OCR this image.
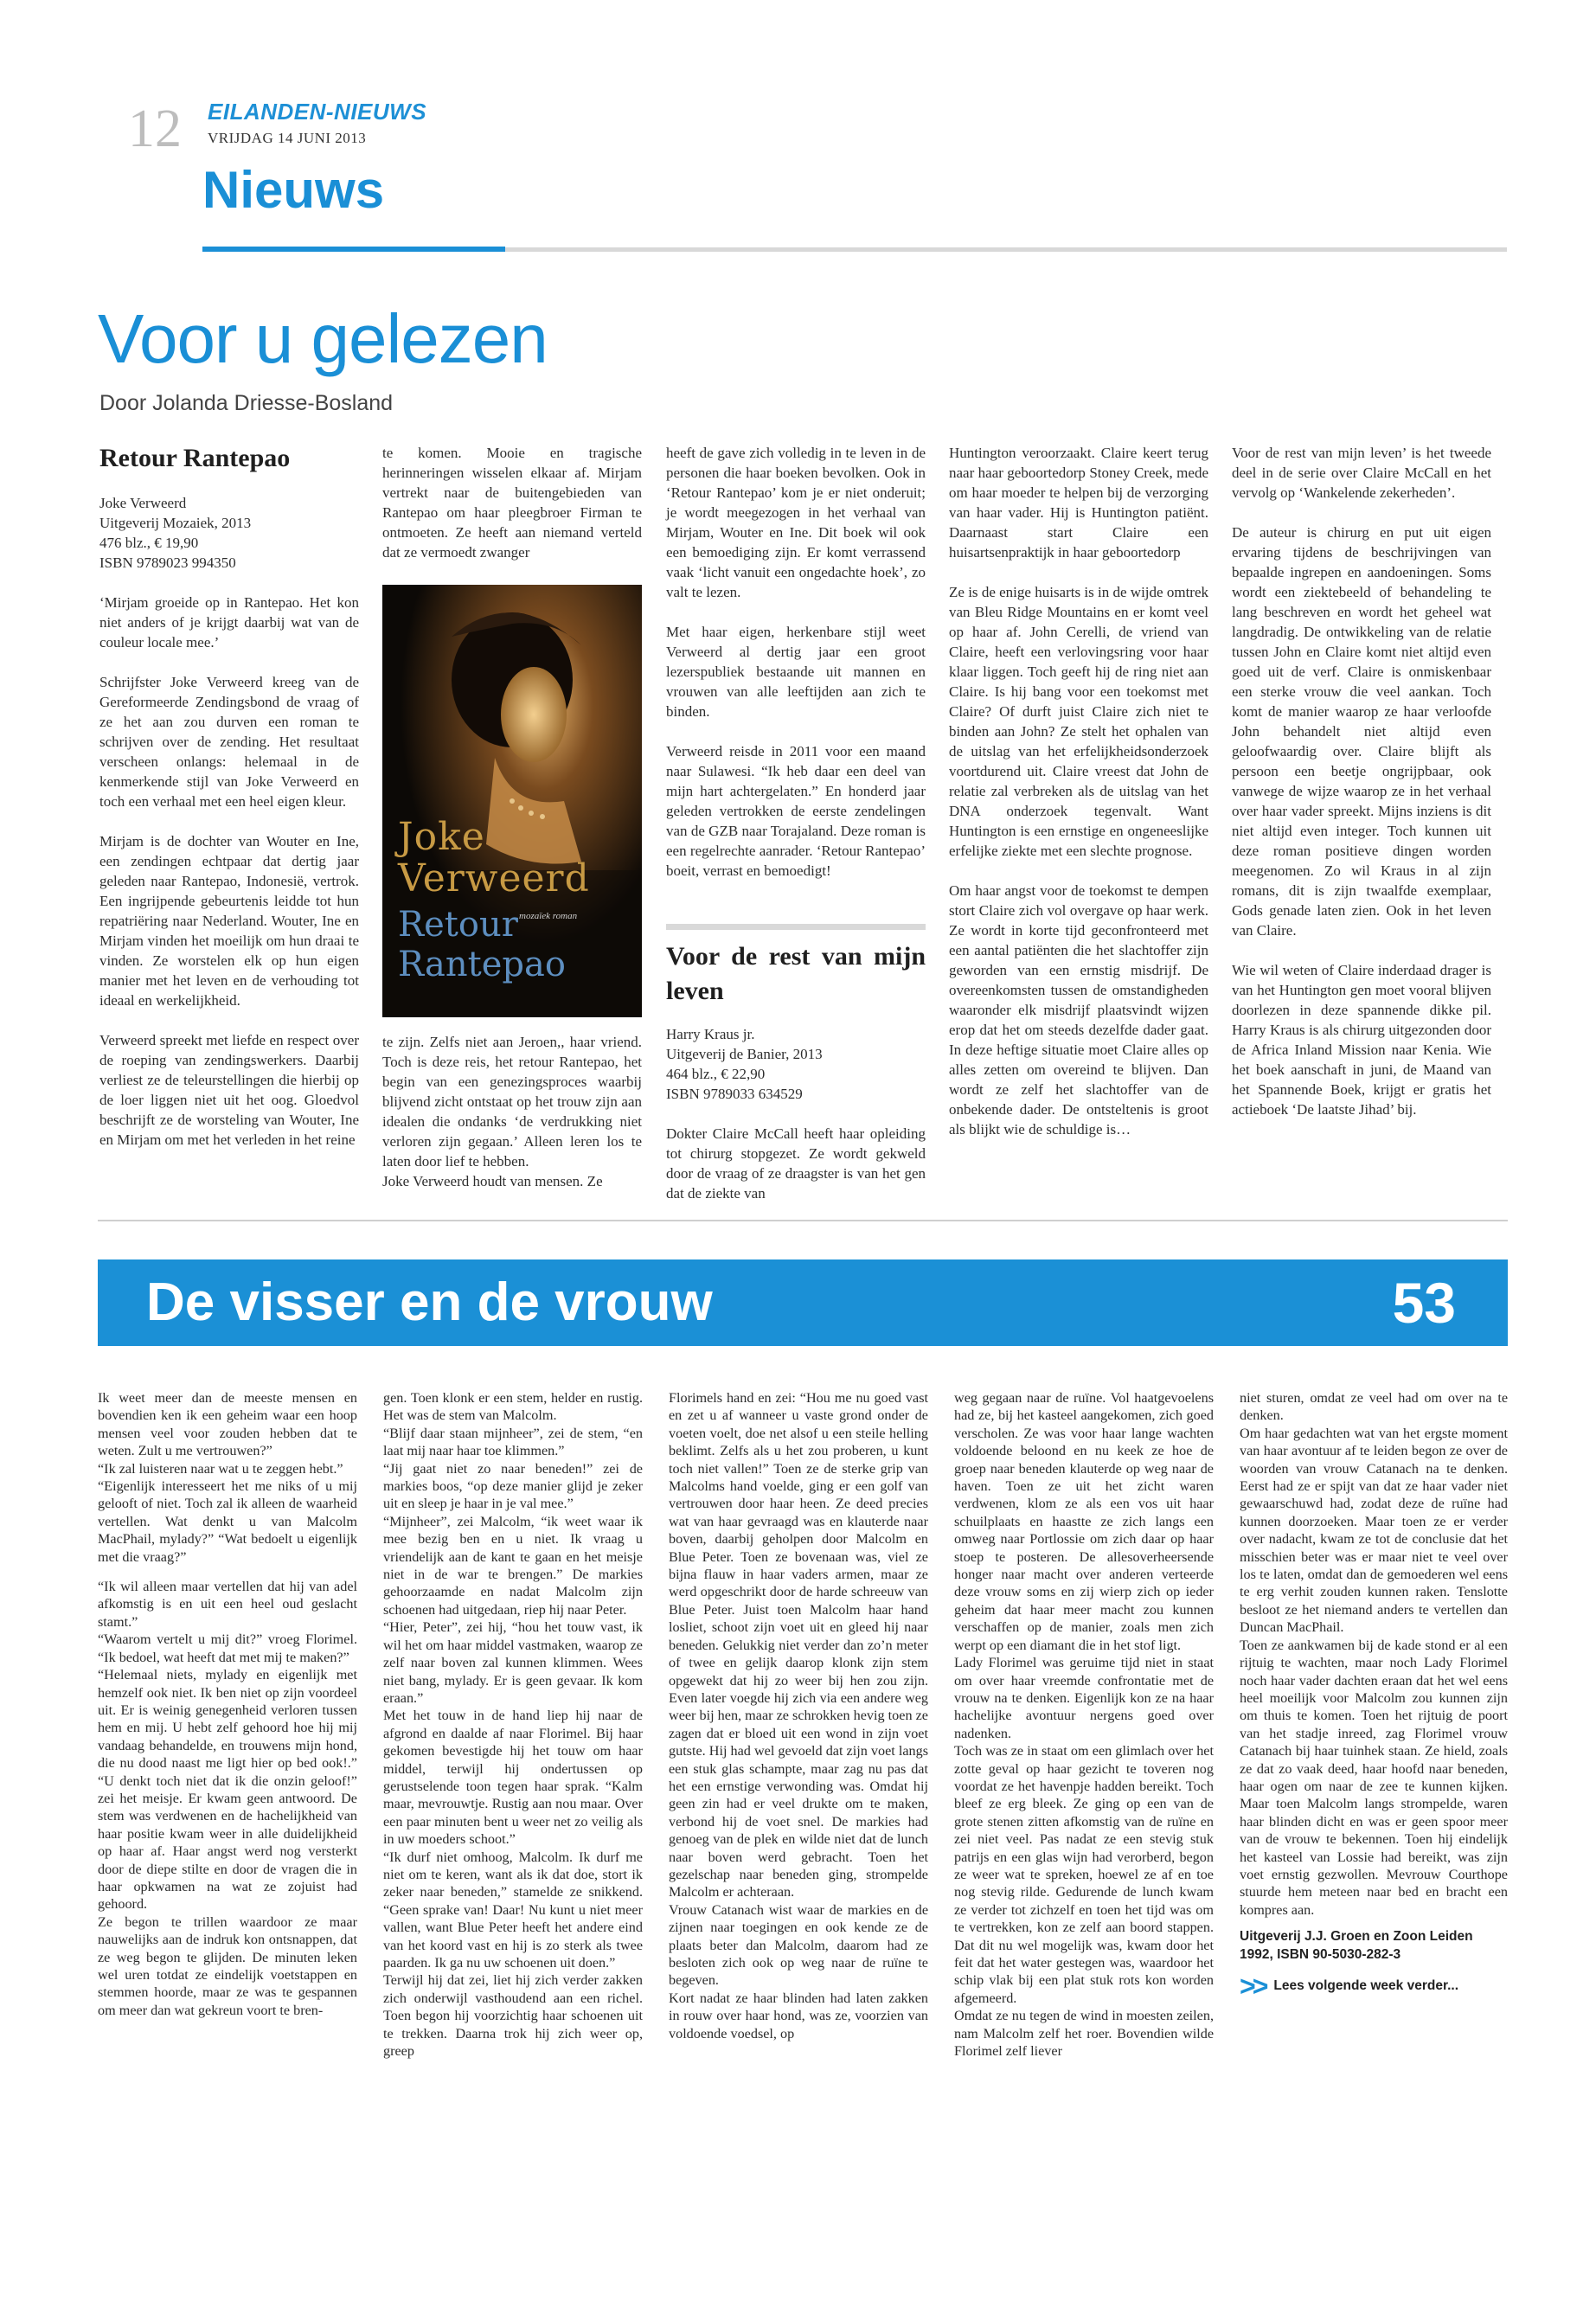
12 EILANDEN-NIEUWS
VRIJDAG 14 JUNI 2013
Nieuws
Voor u gelezen
Door Jolanda Driesse-Bosland
Retour Rantepao
Joke Verweerd
Uitgeverij Mozaiek, 2013
476 blz., € 19,90
ISBN 9789023 994350

‘Mirjam groeide op in Rantepao. Het kon niet anders of je krijgt daarbij wat van de couleur locale mee.’

Schrijfster Joke Verweerd kreeg van de Gereformeerde Zendingsbond de vraag of ze het aan zou durven een roman te schrijven over de zending. Het resultaat verscheen onlangs: helemaal in de kenmerkende stijl van Joke Verweerd en toch een verhaal met een heel eigen kleur.

Mirjam is de dochter van Wouter en Ine, een zendingen echtpaar dat dertig jaar geleden naar Rantepao, Indonesië, vertrok. Een ingrijpende gebeurtenis leidde tot hun repatriëring naar Nederland. Wouter, Ine en Mirjam vinden het moeilijk om hun draai te vinden. Ze worstelen elk op hun eigen manier met het leven en de verhouding tot ideaal en werkelijkheid.

Verweerd spreekt met liefde en respect over de roeping van zendingswerkers. Daarbij verliest ze de teleurstellingen die hierbij op de loer liggen niet uit het oog. Gloedvol beschrijft ze de worsteling van Wouter, Ine en Mirjam om met het verleden in het reine

te komen. Mooie en tragische herinneringen wisselen elkaar af. Mirjam vertrekt naar de buitengebieden van Rantepao om haar pleegbroer Firman te ontmoeten. Ze heeft aan niemand verteld dat ze vermoedt zwanger

Joke Verweerd
Retour
Rantepao
mozaïek roman

te zijn. Zelfs niet aan Jeroen,, haar vriend. Toch is deze reis, het retour Rantepao, het begin van een genezingsproces waarbij blijvend zicht ontstaat op het trouw zijn aan idealen die ondanks ‘de verdrukking niet verloren zijn gegaan.’ Alleen leren los te laten door lief te hebben.

Joke Verweerd houdt van mensen. Ze

heeft de gave zich volledig in te leven in de personen die haar boeken bevolken. Ook in ‘Retour Rantepao’ kom je er niet onderuit; je wordt meegezogen in het verhaal van Mirjam, Wouter en Ine. Dit boek wil ook een bemoediging zijn. Er komt verrassend vaak ‘licht vanuit een ongedachte hoek’, zo valt te lezen.

Met haar eigen, herkenbare stijl weet Verweerd al dertig jaar een groot lezerspubliek bestaande uit mannen en vrouwen van alle leeftijden aan zich te binden.

Verweerd reisde in 2011 voor een maand naar Sulawesi. “Ik heb daar een deel van mijn hart achtergelaten.” En honderd jaar geleden vertrokken de eerste zendelingen van de GZB naar Torajaland. Deze roman is een regelrechte aanrader. ‘Retour Rantepao’ boeit, verrast en bemoedigt!

Voor de rest van mijn leven
Harry Kraus jr.
Uitgeverij de Banier, 2013
464 blz., € 22,90
ISBN 9789033 634529

Dokter Claire McCall heeft haar opleiding tot chirurg stopgezet. Ze wordt gekweld door de vraag of ze draagster is van het gen dat de ziekte van

Huntington veroorzaakt. Claire keert terug naar haar geboortedorp Stoney Creek, mede om haar moeder te helpen bij de verzorging van haar vader. Hij is Huntington patiënt. Daarnaast start Claire een huisartsenpraktijk in haar geboortedorp

Ze is de enige huisarts is in de wijde omtrek van Bleu Ridge Mountains en er komt veel op haar af. John Cerelli, de vriend van Claire, heeft een verlovingsring voor haar klaar liggen. Toch geeft hij de ring niet aan Claire. Is hij bang voor een toekomst met Claire? Of durft juist Claire zich niet te binden aan John? Ze stelt het ophalen van de uitslag van het erfelijkheidsonderzoek voortdurend uit. Claire vreest dat John de relatie zal verbreken als de uitslag van het DNA onderzoek tegenvalt. Want Huntington is een ernstige en ongeneeslijke erfelijke ziekte met een slechte prognose.

Om haar angst voor de toekomst te dempen stort Claire zich vol overgave op haar werk. Ze wordt in korte tijd geconfronteerd met een aantal patiënten die het slachtoffer zijn geworden van een ernstig misdrijf. De overeenkomsten tussen de omstandigheden waaronder elk misdrijf plaatsvindt wijzen erop dat het om steeds dezelfde dader gaat. In deze heftige situatie moet Claire alles op alles zetten om overeind te blijven. Dan wordt ze zelf het slachtoffer van de onbekende dader. De ontsteltenis is groot als blijkt wie de schuldige is…

Voor de rest van mijn leven’ is het tweede deel in de serie over Claire McCall en het vervolg op ‘Wankelende zekerheden’.

De auteur is chirurg en put uit eigen ervaring tijdens de beschrijvingen van bepaalde ingrepen en aandoeningen. Soms wordt een ziektebeeld of behandeling te lang beschreven en wordt het geheel wat langdradig. De ontwikkeling van de relatie tussen John en Claire komt niet altijd even goed uit de verf. Claire is onmiskenbaar een sterke vrouw die veel aankan. Toch komt de manier waarop ze haar verloofde John behandelt niet altijd even geloofwaardig over. Claire blijft als persoon een beetje ongrijpbaar, ook vanwege de wijze waarop ze in het verhaal over haar vader spreekt. Mijns inziens is dit niet altijd even integer. Toch kunnen uit deze roman positieve dingen worden meegenomen. Zo wil Kraus in al zijn romans, dit is zijn twaalfde exemplaar, Gods genade laten zien. Ook in het leven van Claire.

Wie wil weten of Claire inderdaad drager is van het Huntington gen moet vooral blijven doorlezen in deze spannende dikke pil. Harry Kraus is als chirurg uitgezonden door de Africa Inland Mission naar Kenia. Wie het boek aanschaft in juni, de Maand van het Spannende Boek, krijgt er gratis het actieboek ‘De laatste Jihad’ bij.

De visser en de vrouw	53

Ik weet meer dan de meeste mensen en bovendien ken ik een geheim waar een hoop mensen veel voor zouden hebben dat te weten. Zult u me vertrouwen?”

“Ik zal luisteren naar wat u te zeggen hebt.”

“Eigenlijk interesseert het me niks of u mij gelooft of niet. Toch zal ik alleen de waarheid vertellen. Wat denkt u van Malcolm MacPhail, mylady?” “Wat bedoelt u eigenlijk met die vraag?”

“Ik wil alleen maar vertellen dat hij van adel afkomstig is en uit een heel oud geslacht stamt.”

“Waarom vertelt u mij dit?” vroeg Florimel. “Ik bedoel, wat heeft dat met mij te maken?”

“Helemaal niets, mylady en eigenlijk met hemzelf ook niet. Ik ben niet op zijn voordeel uit. Er is weinig genegenheid verloren tussen hem en mij. U hebt zelf gehoord hoe hij mij vandaag behandelde, en trouwens mijn hond, die nu dood naast me ligt hier op bed ook!.” “U denkt toch niet dat ik die onzin geloof!” zei het meisje. Er kwam geen antwoord. De stem was verdwenen en de hachelijkheid van haar positie kwam weer in alle duidelijkheid op haar af. Haar angst werd nog versterkt door de diepe stilte en door de vragen die in haar opkwamen na wat ze zojuist had gehoord.

Ze begon te trillen waardoor ze maar nauwelijks aan de indruk kon ontsnappen, dat ze weg begon te glijden. De minuten leken wel uren totdat ze eindelijk voetstappen en stemmen hoorde, maar ze was te gespannen om meer dan wat gekreun voort te bren-

gen. Toen klonk er een stem, helder en rustig. Het was de stem van Malcolm.

“Blijf daar staan mijnheer”, zei de stem, “en laat mij naar haar toe klimmen.”

“Jij gaat niet zo naar beneden!” zei de markies boos, “op deze manier glijd je zeker uit en sleep je haar in je val mee.”

“Mijnheer”, zei Malcolm, “ik weet waar ik mee bezig ben en u niet. Ik vraag u vriendelijk aan de kant te gaan en het meisje niet in de war te brengen.” De markies gehoorzaamde en nadat Malcolm zijn schoenen had uitgedaan, riep hij naar Peter.

“Hier, Peter”, zei hij, “hou het touw vast, ik wil het om haar middel vastmaken, waarop ze zelf naar boven zal kunnen klimmen. Wees niet bang, mylady. Er is geen gevaar. Ik kom eraan.”

Met het touw in de hand liep hij naar de afgrond en daalde af naar Florimel. Bij haar gekomen bevestigde hij het touw om haar middel, terwijl hij ondertussen op gerustselende toon tegen haar sprak. “Kalm maar, mevrouwtje. Rustig aan nou maar. Over een paar minuten bent u weer net zo veilig als in uw moeders schoot.”

“Ik durf niet omhoog, Malcolm. Ik durf me niet om te keren, want als ik dat doe, stort ik zeker naar beneden,” stamelde ze snikkend. “Geen sprake van! Daar! Nu kunt u niet meer vallen, want Blue Peter heeft het andere eind van het koord vast en hij is zo sterk als twee paarden. Ik ga nu uw schoenen uit doen.”

Terwijl hij dat zei, liet hij zich verder zakken zich onderwijl vasthoudend aan een richel. Toen begon hij voorzichtig haar schoenen uit te trekken. Daarna trok hij zich weer op, greep

Florimels hand en zei: “Hou me nu goed vast en zet u af wanneer u vaste grond onder de voeten voelt, doe net alsof u een steile helling beklimt. Zelfs als u het zou proberen, u kunt toch niet vallen!” Toen ze de sterke grip van Malcolms hand voelde, ging er een golf van vertrouwen door haar heen. Ze deed precies wat van haar gevraagd was en klauterde naar boven, daarbij geholpen door Malcolm en Blue Peter. Toen ze bovenaan was, viel ze bijna flauw in haar vaders armen, maar ze werd opgeschrikt door de harde schreeuw van Blue Peter. Juist toen Malcolm haar hand losliet, schoot zijn voet uit en gleed hij naar beneden. Gelukkig niet verder dan zo’n meter of twee en gelijk daarop klonk zijn stem opgewekt dat hij zo weer bij hen zou zijn. Even later voegde hij zich via een andere weg weer bij hen, maar ze schrokken hevig toen ze zagen dat er bloed uit een wond in zijn voet gutste. Hij had wel gevoeld dat zijn voet langs een stuk glas schampte, maar zag nu pas dat het een ernstige verwonding was. Omdat hij geen zin had er veel drukte om te maken, verbond hij de voet snel. De markies had genoeg van de plek en wilde niet dat de lunch naar boven werd gebracht. Toen het gezelschap naar beneden ging, strompelde Malcolm er achteraan.

Vrouw Catanach wist waar de markies en de zijnen naar toegingen en ook kende ze de plaats beter dan Malcolm, daarom had ze besloten zich ook op weg naar de ruïne te begeven.

Kort nadat ze haar blinden had laten zakken in rouw over haar hond, was ze, voorzien van voldoende voedsel, op

weg gegaan naar de ruïne. Vol haatgevoelens had ze, bij het kasteel aangekomen, zich goed verscholen. Ze was voor haar lange wachten voldoende beloond en nu keek ze hoe de groep naar beneden klauterde op weg naar de haven. Toen ze uit het zicht waren verdwenen, klom ze als een vos uit haar schuilplaats en haastte ze zich langs een omweg naar Portlossie om zich daar op haar stoep te posteren. De allesoverheersende honger naar macht over anderen verteerde deze vrouw soms en zij wierp zich op ieder geheim dat haar meer macht zou kunnen verschaffen op de manier, zoals men zich werpt op een diamant die in het stof ligt.

Lady Florimel was geruime tijd niet in staat om over haar vreemde confrontatie met de vrouw na te denken. Eigenlijk kon ze na haar hachelijke avontuur nergens goed over nadenken.

Toch was ze in staat om een glimlach over het zotte geval op haar gezicht te toveren nog voordat ze het havenpje hadden bereikt. Toch bleef ze erg bleek. Ze ging op een van de grote stenen zitten afkomstig van de ruïne en zei niet veel. Pas nadat ze een stevig stuk patrijs en een glas wijn had verorberd, begon ze weer wat te spreken, hoewel ze af en toe nog stevig rilde. Gedurende de lunch kwam ze verder tot zichzelf en toen het tijd was om te vertrekken, kon ze zelf aan boord stappen. Dat dit nu wel mogelijk was, kwam door het feit dat het water gestegen was, waardoor het schip vlak bij een plat stuk rots kon worden afgemeerd.

Omdat ze nu tegen de wind in moesten zeilen, nam Malcolm zelf het roer. Bovendien wilde Florimel zelf liever

niet sturen, omdat ze veel had om over na te denken.

Om haar gedachten wat van het ergste moment van haar avontuur af te leiden begon ze over de woorden van vrouw Catanach na te denken. Eerst had ze er spijt van dat ze haar vader niet gewaarschuwd had, zodat deze de ruïne had kunnen doorzoeken. Maar toen ze er verder over nadacht, kwam ze tot de conclusie dat het misschien beter was er maar niet te veel over los te laten, omdat dan de gemoederen wel eens te erg verhit zouden kunnen raken. Tenslotte besloot ze het niemand anders te vertellen dan Duncan MacPhail.

Toen ze aankwamen bij de kade stond er al een rijtuig te wachten, maar noch Lady Florimel noch haar vader dachten eraan dat het wel eens heel moeilijk voor Malcolm zou kunnen zijn om thuis te komen. Toen het rijtuig de poort van het stadje inreed, zag Florimel vrouw Catanach bij haar tuinhek staan. Ze hield, zoals ze dat zo vaak deed, haar hoofd naar beneden, haar ogen om naar de zee te kunnen kijken. Maar toen Malcolm langs strompelde, waren haar blinden dicht en was er geen spoor meer van de vrouw te bekennen. Toen hij eindelijk het kasteel van Lossie had bereikt, was zijn voet ernstig gezwollen. Mevrouw Courthope stuurde hem meteen naar bed en bracht een kompres aan.

Uitgeverij J.J. Groen en Zoon Leiden
1992, ISBN 90-5030-282-3
>> Lees volgende week verder...
